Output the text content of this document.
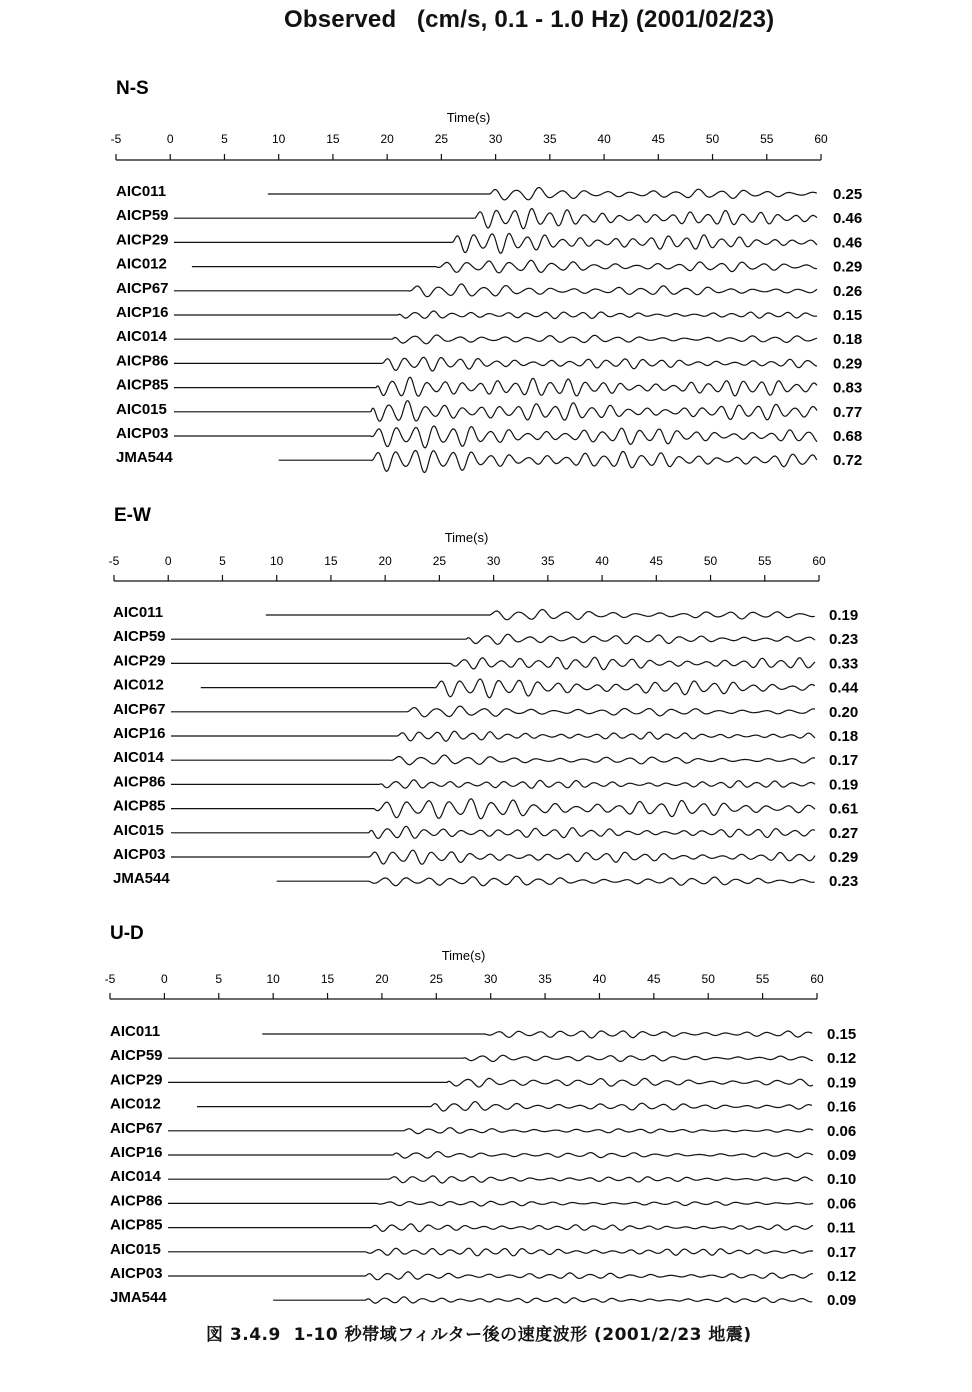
Observed   (cm/s, 0.1 - 1.0 Hz) (2001/02/23)
N-S
Time(s)
-5	0	5	10	15	20	25	30	35	40	45	50	55	60
AIC011	0.25
AICP59	0.46
AICP29	0.46
AIC012	0.29
AICP67	0.26
AICP16	0.15
AIC014	0.18
AICP86	0.29
AICP85	0.83
AIC015	0.77
AICP03	0.68
JMA544	0.72
E-W
Time(s)
-5	0	5	10	15	20	25	30	35	40	45	50	55	60
AIC011	0.19
AICP59	0.23
AICP29	0.33
AIC012	0.44
AICP67	0.20
AICP16	0.18
AIC014	0.17
AICP86	0.19
AICP85	0.61
AIC015	0.27
AICP03	0.29
JMA544	0.23
U-D
Time(s)
-5	0	5	10	15	20	25	30	35	40	45	50	55	60
AIC011	0.15
AICP59	0.12
AICP29	0.19
AIC012	0.16
AICP67	0.06
AICP16	0.09
AIC014	0.10
AICP86	0.06
AICP85	0.11
AIC015	0.17
AICP03	0.12
JMA544	0.09
図 3.4.9  1-10 秒帯域フィルター後の速度波形 (2001/2/23 地震)
